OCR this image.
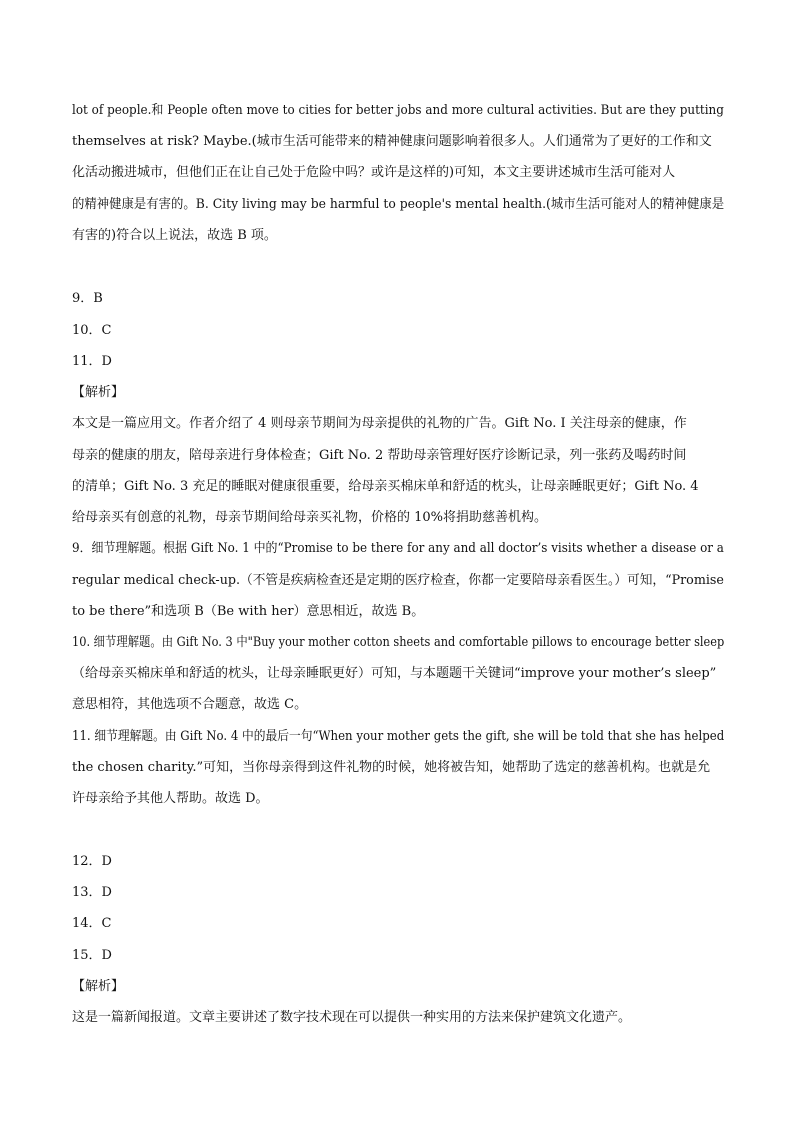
lot of people.和 People often move to cities for better jobs and more cultural activities. But are they putting
themselves at risk? Maybe.(城市生活可能带来的精神健康问题影响着很多人。人们通常为了更好的工作和文
化活动搬进城市，但他们正在让自己处于危险中吗？或许是这样的)可知，本文主要讲述城市生活可能对人
的精神健康是有害的。B. City living may be harmful to people's mental health.(城市生活可能对人的精神健康是
有害的)符合以上说法，故选 B 项。
9．B
10．C
11．D
【解析】
本文是一篇应用文。作者介绍了 4 则母亲节期间为母亲提供的礼物的广告。Gift No. I 关注母亲的健康，作
母亲的健康的朋友，陪母亲进行身体检查；Gift No. 2 帮助母亲管理好医疗诊断记录，列一张药及喝药时间
的清单；Gift No. 3 充足的睡眠对健康很重要，给母亲买棉床单和舒适的枕头，让母亲睡眠更好；Gift No. 4
给母亲买有创意的礼物，母亲节期间给母亲买礼物，价格的 10%将捐助慈善机构。
9．细节理解题。根据 Gift No. 1 中的“Promise to be there for any and all doctor’s visits whether a disease or a
regular medical check-up.（不管是疾病检查还是定期的医疗检查，你都一定要陪母亲看医生。）可知，“Promise
to be there”和选项 B（Be with her）意思相近，故选 B。
10. 细节理解题。由 Gift No. 3 中"Buy your mother cotton sheets and comfortable pillows to encourage better sleep
（给母亲买棉床单和舒适的枕头，让母亲睡眠更好）可知，与本题题干关键词“improve your mother’s sleep”
意思相符，其他选项不合题意，故选 C。
11. 细节理解题。由 Gift No. 4 中的最后一句“When your mother gets the gift, she will be told that she has helped
the chosen charity.”可知，当你母亲得到这件礼物的时候，她将被告知，她帮助了选定的慈善机构。也就是允
许母亲给予其他人帮助。故选 D。
12．D
13．D
14．C
15．D
【解析】
这是一篇新闻报道。文章主要讲述了数字技术现在可以提供一种实用的方法来保护建筑文化遗产。
